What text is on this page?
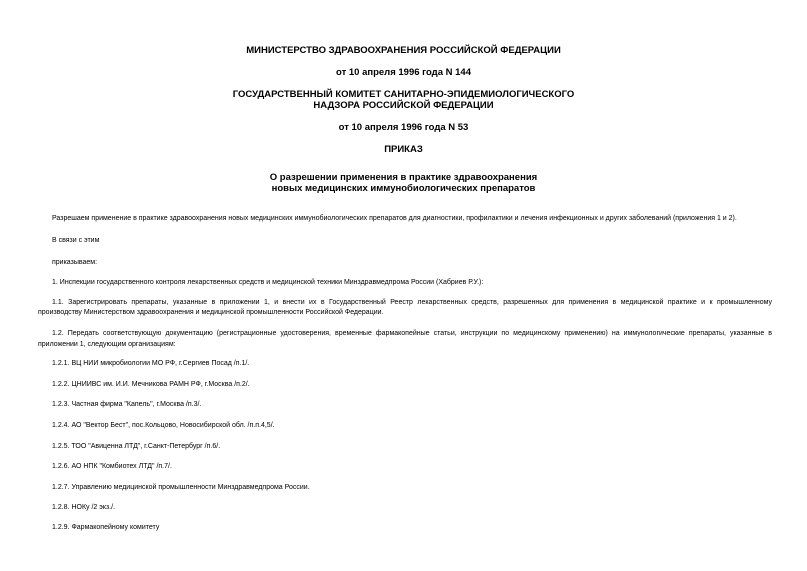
МИНИСТЕРСТВО ЗДРАВООХРАНЕНИЯ РОССИЙСКОЙ ФЕДЕРАЦИИ
от 10 апреля 1996 года N 144
ГОСУДАРСТВЕННЫЙ КОМИТЕТ САНИТАРНО-ЭПИДЕМИОЛОГИЧЕСКОГО
НАДЗОРА РОССИЙСКОЙ ФЕДЕРАЦИИ
от 10 апреля 1996 года N 53
ПРИКАЗ
О разрешении применения в практике здравоохранения
новых медицинских иммунобиологических препаратов
Разрешаем применение в практике здравоохранения новых медицинских иммунобиологических препаратов для диагностики, профилактики и лечения инфекционных и других заболеваний (приложения 1 и 2).
В связи с этим
приказываем:
1. Инспекции государственного контроля лекарственных средств и медицинской техники Минздравмедпрома России (Хабриев Р.У.):
1.1. Зарегистрировать препараты, указанные в приложении 1, и внести их в Государственный Реестр лекарственных средств, разрешенных для применения в медицинской практике и к промышленному
производству Министерством здравоохранения и медицинской промышленности Российской Федерации.
1.2. Передать соответствующую документацию (регистрационные удостоверения, временные фармакопейные статьи, инструкции по медицинскому применению) на иммунологические препараты, указанные в
приложении 1, следующим организациям:
1.2.1. ВЦ НИИ микробиологии МО РФ, г.Сергиев Посад /п.1/.
1.2.2. ЦНИИВС им. И.И. Мечникова РАМН РФ, г.Москва /п.2/.
1.2.3. Частная фирма "Капель", г.Москва /п.3/.
1.2.4. АО "Вектор Бест", пос.Кольцово, Новосибирской обл. /п.п.4,5/.
1.2.5. ТОО "Авиценна ЛТД", г.Санкт-Петербург /п.6/.
1.2.6. АО НПК "Комбиотех ЛТД" /п.7/.
1.2.7. Управлению медицинской промышленности Минздравмедпрома России.
1.2.8. НОКу /2 экз./.
1.2.9. Фармакопейному комитету
